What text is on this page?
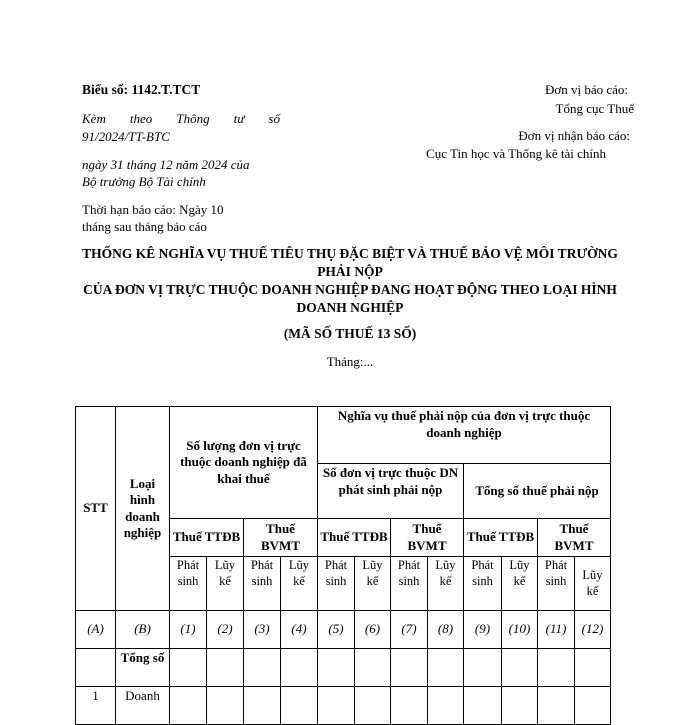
Biểu số: 1142.T.TCT
Kèm theo Thông tư số
91/2024/TT-BTC
ngày 31 tháng 12 năm 2024 của
Bộ trưởng Bộ Tài chính
Thời hạn báo cáo: Ngày 10
tháng sau tháng báo cáo
Đơn vị báo cáo:
Tổng cục Thuế
Đơn vị nhận báo cáo:
Cục Tin học và Thống kê tài chính
THỐNG KÊ NGHĨA VỤ THUẾ TIÊU THỤ ĐẶC BIỆT VÀ THUẾ BẢO VỆ MÔI TRƯỜNG PHẢI NỘP
CỦA ĐƠN VỊ TRỰC THUỘC DOANH NGHIỆP ĐANG HOẠT ĐỘNG THEO LOẠI HÌNH DOANH NGHIỆP
(MÃ SỐ THUẾ 13 SỐ)
Tháng:...
STT	Loại hình doanh nghiệp	Số lượng đơn vị trực thuộc doanh nghiệp đã khai thuế				Nghĩa vụ thuế phải nộp của đơn vị trực thuộc
doanh nghiệp							

						Số đơn vị trực thuộc DN phát sinh phải nộp				Tổng số thuế phải nộp			
		Thuế TTĐB		Thuế BVMT		Thuế TTĐB		Thuế BVMT		Thuế TTĐB		Thuế BVMT	
		Phát sinh	Lũy kế	Phát sinh	Lũy kế	Phát sinh	Lũy kế	Phát sinh	Lũy kế	Phát sinh	Lũy kế	Phát sinh	Lũy kế
(A)	(B)	(1)	(2)	(3)	(4)	(5)	(6)	(7)	(8)	(9)	(10)	(11)	(12)
	Tổng số												
1	Doanh												
